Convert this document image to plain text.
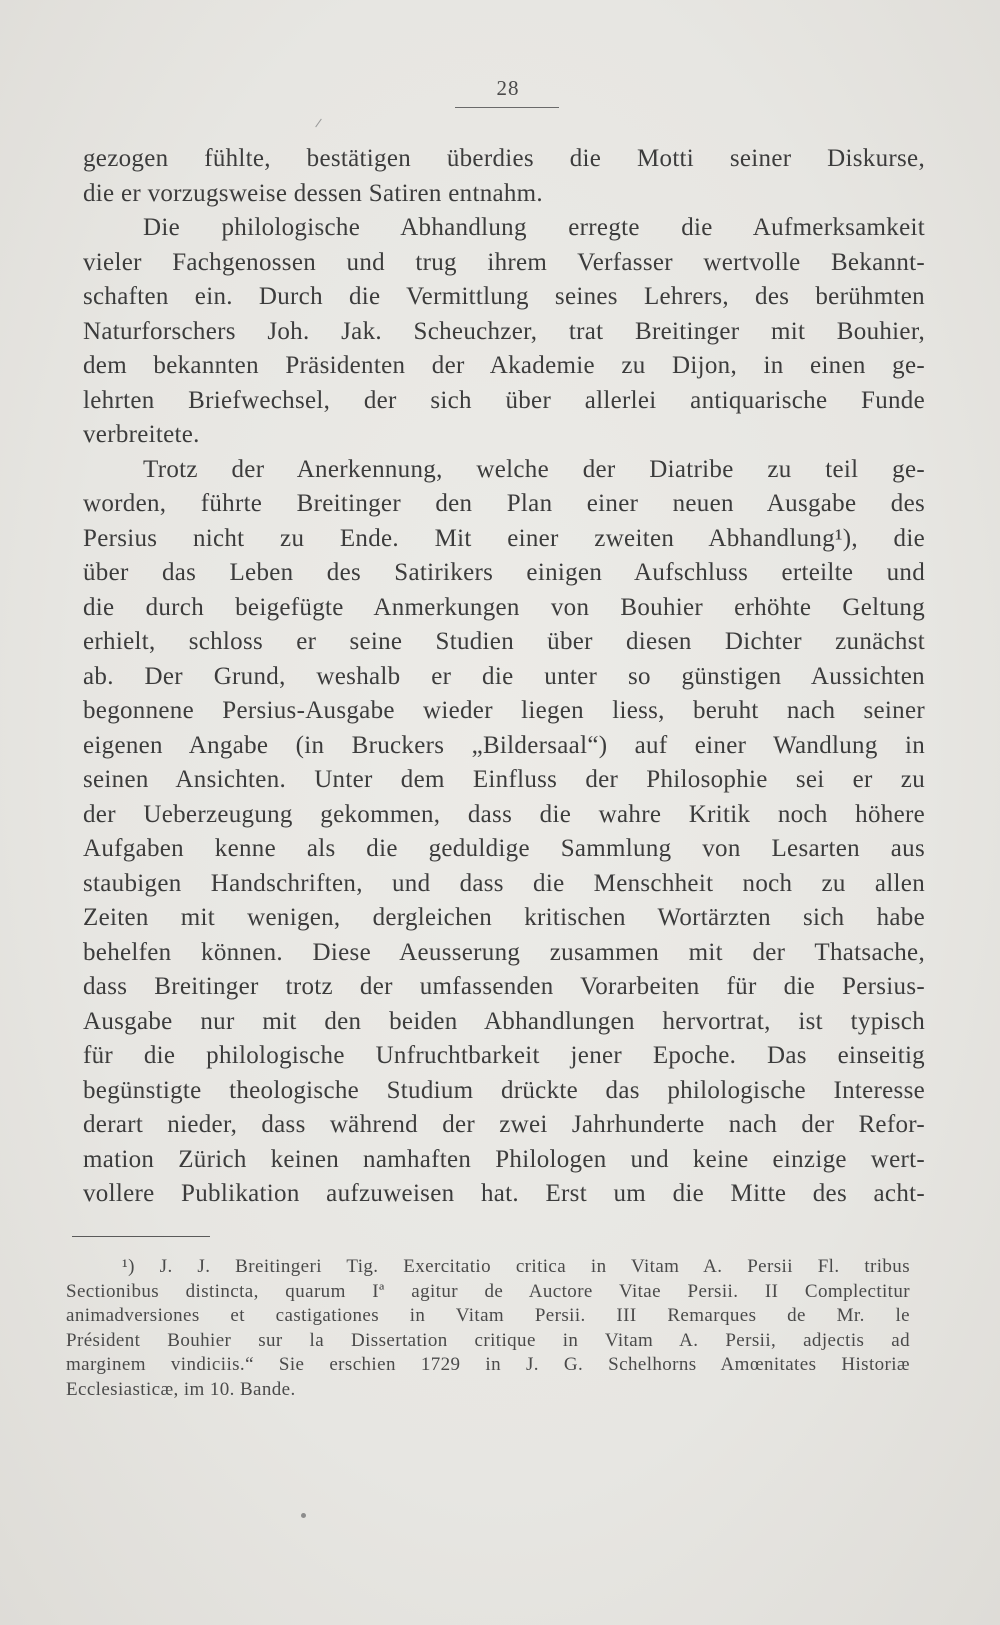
28
gezogen fühlte, bestätigen überdies die Motti seiner Diskurse,
die er vorzugsweise dessen Satiren entnahm.
Die philologische Abhandlung erregte die Aufmerksamkeit
vieler Fachgenossen und trug ihrem Verfasser wertvolle Bekannt-
schaften ein. Durch die Vermittlung seines Lehrers, des berühmten
Naturforschers Joh. Jak. Scheuchzer, trat Breitinger mit Bouhier,
dem bekannten Präsidenten der Akademie zu Dijon, in einen ge-
lehrten Briefwechsel, der sich über allerlei antiquarische Funde
verbreitete.
Trotz der Anerkennung, welche der Diatribe zu teil ge-
worden, führte Breitinger den Plan einer neuen Ausgabe des
Persius nicht zu Ende. Mit einer zweiten Abhandlung¹), die
über das Leben des Satirikers einigen Aufschluss erteilte und
die durch beigefügte Anmerkungen von Bouhier erhöhte Geltung
erhielt, schloss er seine Studien über diesen Dichter zunächst
ab. Der Grund, weshalb er die unter so günstigen Aussichten
begonnene Persius-Ausgabe wieder liegen liess, beruht nach seiner
eigenen Angabe (in Bruckers „Bildersaal“) auf einer Wandlung in
seinen Ansichten. Unter dem Einfluss der Philosophie sei er zu
der Ueberzeugung gekommen, dass die wahre Kritik noch höhere
Aufgaben kenne als die geduldige Sammlung von Lesarten aus
staubigen Handschriften, und dass die Menschheit noch zu allen
Zeiten mit wenigen, dergleichen kritischen Wortärzten sich habe
behelfen können. Diese Aeusserung zusammen mit der Thatsache,
dass Breitinger trotz der umfassenden Vorarbeiten für die Persius-
Ausgabe nur mit den beiden Abhandlungen hervortrat, ist typisch
für die philologische Unfruchtbarkeit jener Epoche. Das einseitig
begünstigte theologische Studium drückte das philologische Interesse
derart nieder, dass während der zwei Jahrhunderte nach der Refor-
mation Zürich keinen namhaften Philologen und keine einzige wert-
vollere Publikation aufzuweisen hat. Erst um die Mitte des acht-
¹) J. J. Breitingeri Tig. Exercitatio critica in Vitam A. Persii Fl. tribus
Sectionibus distincta, quarum Iª agitur de Auctore Vitae Persii. II Complectitur
animadversiones et castigationes in Vitam Persii. III Remarques de Mr. le
Président Bouhier sur la Dissertation critique in Vitam A. Persii, adjectis ad
marginem vindiciis.“ Sie erschien 1729 in J. G. Schelhorns Amœnitates Historiæ
Ecclesiasticæ, im 10. Bande.
